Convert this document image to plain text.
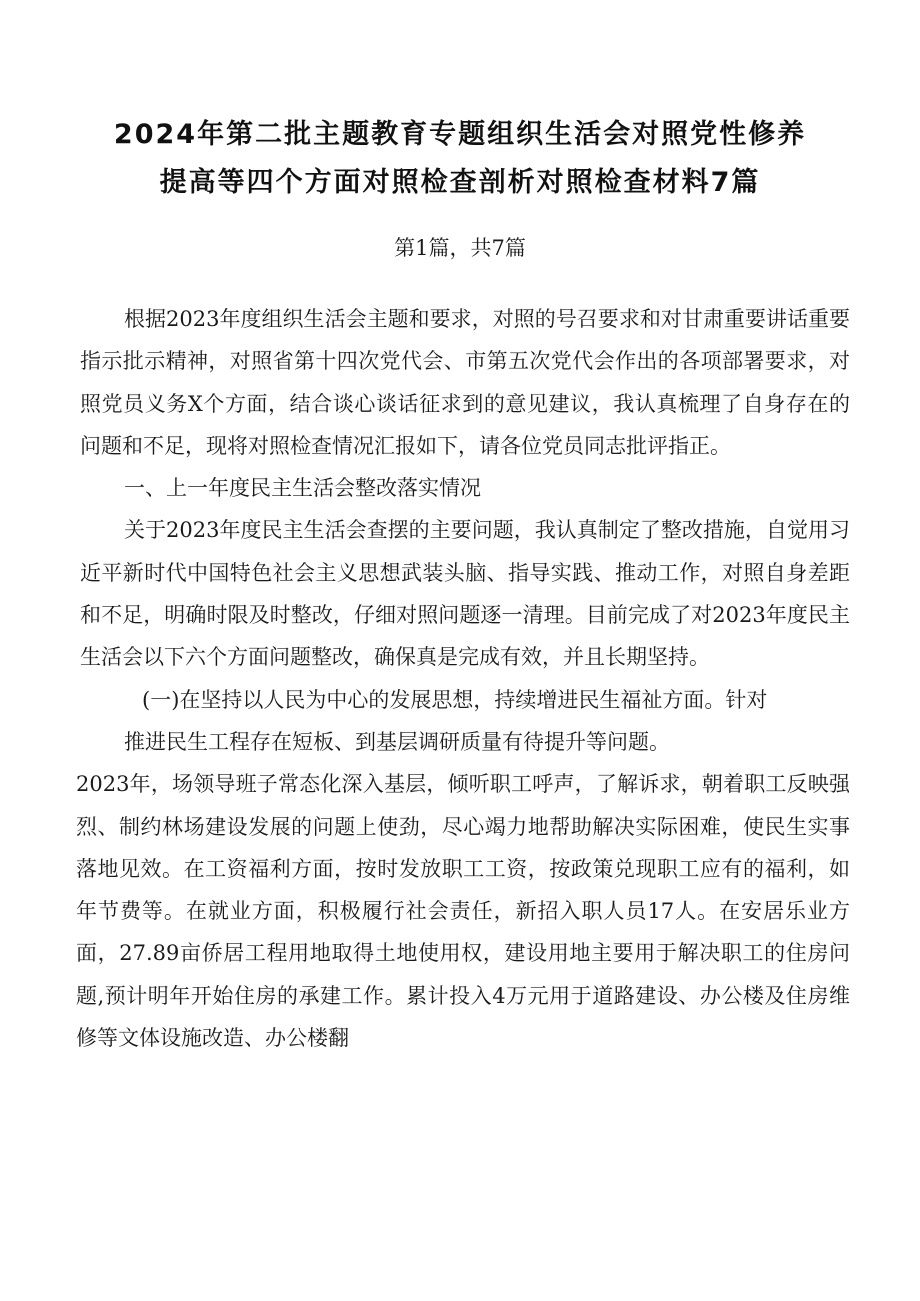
2024年第二批主题教育专题组织生活会对照党性修养
提高等四个方面对照检查剖析对照检查材料7篇
第1篇，共7篇

根据2023年度组织生活会主题和要求，对照的号召要求和对甘肃重要讲话重要指示批示精神，对照省第十四次党代会、市第五次党代会作出的各项部署要求，对照党员义务X个方面，结合谈心谈话征求到的意见建议，我认真梳理了自身存在的问题和不足，现将对照检查情况汇报如下，请各位党员同志批评指正。

一、上一年度民主生活会整改落实情况

关于2023年度民主生活会查摆的主要问题，我认真制定了整改措施，自觉用习近平新时代中国特色社会主义思想武装头脑、指导实践、推动工作，对照自身差距和不足，明确时限及时整改，仔细对照问题逐一清理。目前完成了对2023年度民主生活会以下六个方面问题整改，确保真是完成有效，并且长期坚持。

(一)在坚持以人民为中心的发展思想，持续增进民生福祉方面。针对

推进民生工程存在短板、到基层调研质量有待提升等问题。

2023年，场领导班子常态化深入基层，倾听职工呼声，了解诉求，朝着职工反映强烈、制约林场建设发展的问题上使劲，尽心竭力地帮助解决实际困难，使民生实事落地见效。在工资福利方面，按时发放职工工资，按政策兑现职工应有的福利，如年节费等。在就业方面，积极履行社会责任，新招入职人员17人。在安居乐业方面，27.89亩侨居工程用地取得土地使用权，建设用地主要用于解决职工的住房问题,预计明年开始住房的承建工作。累计投入4万元用于道路建设、办公楼及住房维修等文体设施改造、办公楼翻
